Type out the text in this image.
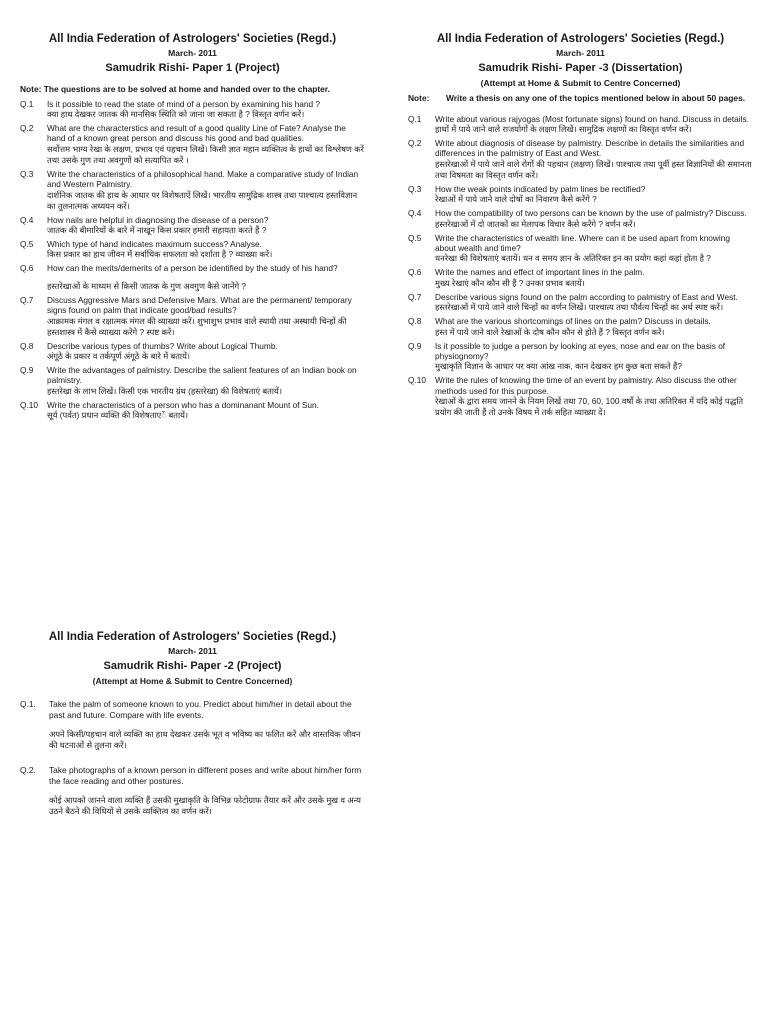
All India Federation of Astrologers' Societies (Regd.)
March- 2011
Samudrik Rishi- Paper 1 (Project)
Note: The questions are to be solved at home and handed over to the chapter.
Q.1	Is it possible to read the state of mind of a person by examining his hand ?
क्या हाथ देखकर जातक की मानसिक स्थिति को जाना जा सकता है ? विस्तृत वर्णन करें।
Q.2	What are the characterstics and result of a good quality Line of Fate? Analyse the hand of a known great person and discuss his good and bad qualities.
सर्वोत्तम भाग्य रेखा के लक्षण, प्रभाव एवं पहचान लिखें। किसी ज्ञात महान व्यक्तित्व के हाथों का विश्लेषण करें तथा उसके गुण तथा अवगुणों को सत्यापित करें ।
Q.3	Write the characteristics of a philosophical hand. Make a comparative study of Indian and Western Palmistry.
दार्शनिक जातक की हाथ के आधार पर विशेषताऐं लिखें। भारतीय सामुद्रिक शास्त्र तथा पाश्चात्य हस्तविज्ञान का तुलनात्मक अध्ययन करें।
Q.4	How nails are helpful in diagnosing the disease of a person?
जातक की बीमारियों के बारे में नाखून किस प्रकार हमारी सहायता करते हैं ?
Q.5	Which type of hand indicates maximum success? Analyse.
किस प्रकार का हाथ जीवन में सर्वाधिक सफलता को दर्शाता है ? व्याख्या करें।
Q.6	How can the merits/demerits of a person be identified by the study of his hand?
हस्तरेखाओं के माध्यम से किसी जातक के गुण अवगुण कैसे जानेंगे ?
Q.7	Discuss Aggressive Mars and Defensive Mars. What are the permanent/ temporary signs found on palm that indicate good/bad results?
आक्रामक मंगल व रक्षात्मक मंगल की व्याख्या करें। शुभाशुभ प्रभाव वाले स्थायी तथा अस्थायी चिन्हों की हस्तशास्त्र में कैसे व्याख्या करेंगे ? स्पष्ट करें।
Q.8	Describe various types of thumbs? Write about Logical Thumb.
अंगूठे के प्रकार व तर्कपूर्ण अंगूठे के बारे में बतायें।
Q.9	Write the advantages of palmistry. Describe the salient features of an Indian book on palmistry.
हस्तरेखा के लाभ लिखें। किसी एक भारतीय ग्रंथ (हस्तरेखा) की विशेषताएं बतायें।
Q.10	Write the characteristics of a person who has a dominanant Mount of Sun.
सूर्य (पर्वत) प्रधान व्यक्ति की विशेषताएें बतायें।
All India Federation of Astrologers' Societies (Regd.)
March- 2011
Samudrik Rishi- Paper -3 (Dissertation)
(Attempt at Home & Submit to Centre Concerned)
Note:	Write a thesis on any one of the topics mentioned below in about 50 pages.
Q.1	Write about various rajyogas (Most fortunate signs) found on hand. Discuss in details.
हाथों में पाये जाने वाले राजयोगों के लक्षण लिखें। सामुद्रिक लक्षणों का विस्तृत वर्णन करें।
Q.2	Write about diagnosis of disease by palmistry. Describe in details the similarities and differences in the palmistry of East and West.
हस्तरेखाओं में पाये जाने वाले रोगों की पहचान (लक्षण) लिखें। पाश्चात्य तथा पूर्वी हस्त विज्ञानियों की समानता तथा विषमता का विस्तृत वर्णन करें।
Q.3	How the weak points indicated by palm lines be rectified?
रेखाओं में पाये जाने वाले दोषों का निवारण कैसे करेंगे ?
Q.4	How the compatibility of two persons can be known by the use of palmistry? Discuss.
हस्तरेखाओं में दो जातकों का मेलापक विचार कैसे करेंगे ? वर्णन करें।
Q.5	Write the characteristics of wealth line. Where can it be used apart from knowing about wealth and time?
धनरेखा की विशेषताएं बतायें। धन व समय ज्ञान के अतिरिक्त इन का प्रयोग कहां कहां होता है ?
Q.6	Write the names and effect of important lines in the palm.
मुख्य रेखाएं कौन कौन सी हैं ? उनका प्रभाव बतायें।
Q.7	Describe various signs found on the palm according to palmistry of East and West.
हस्तरेखाओं में पाये जाने वाले चिन्हों का वर्णन लिखें। पाश्चात्य तथा पौर्वत्य चिन्हों का अर्थ स्पष्ट करें।
Q.8	What are the various shortcomings of lines on the palm? Discuss in details.
हस्त में पाये जाने वाले रेखाओं के दोष कौन कौन से होते हैं ? विस्तृत वर्णन करें।
Q.9	Is it possible to judge a person by looking at eyes, nose and ear on the basis of physiognomy?
मुखाकृति विज्ञान के आधार पर क्या आंख नाक, कान देखकर हम कुछ बता सकते हैं?
Q.10	Write the rules of knowing the time of an event by palmistry. Also discuss the other methods used for this purpose.
रेखाओं के द्वारा समय जानने के नियम लिखें तथा 70, 60, 100 वर्षों के तथा अतिरिक्त में यदि कोई पद्धति प्रयोग की जाती हैं तो उनके विषय में तर्क सहित व्याख्या दें।
All India Federation of Astrologers' Societies (Regd.)
March- 2011
Samudrik Rishi- Paper -2 (Project)
(Attempt at Home & Submit to Centre Concerned)
Q.1.	Take the palm of someone known to you. Predict about him/her in detail about the past and future. Compare with life events.
अपने किसी/पहचान वाले व्यक्ति का हाथ देखकर उसके भूत व भविष्य का फलित करें और वास्तविक जीवन की घटनाओं से तुलना करें।
Q.2.	Take photographs of a known person in different poses and write about him/her form the face reading and other postures.
कोई आपको जानने वाला व्यक्ति हैं उसकी मुखाकृति के विभिन्न फोटोग्राफ तैयार करें और उसके मुख व अन्य उठने बैठने की विधियों से उसके व्यक्तित्व का वर्णन करें।
